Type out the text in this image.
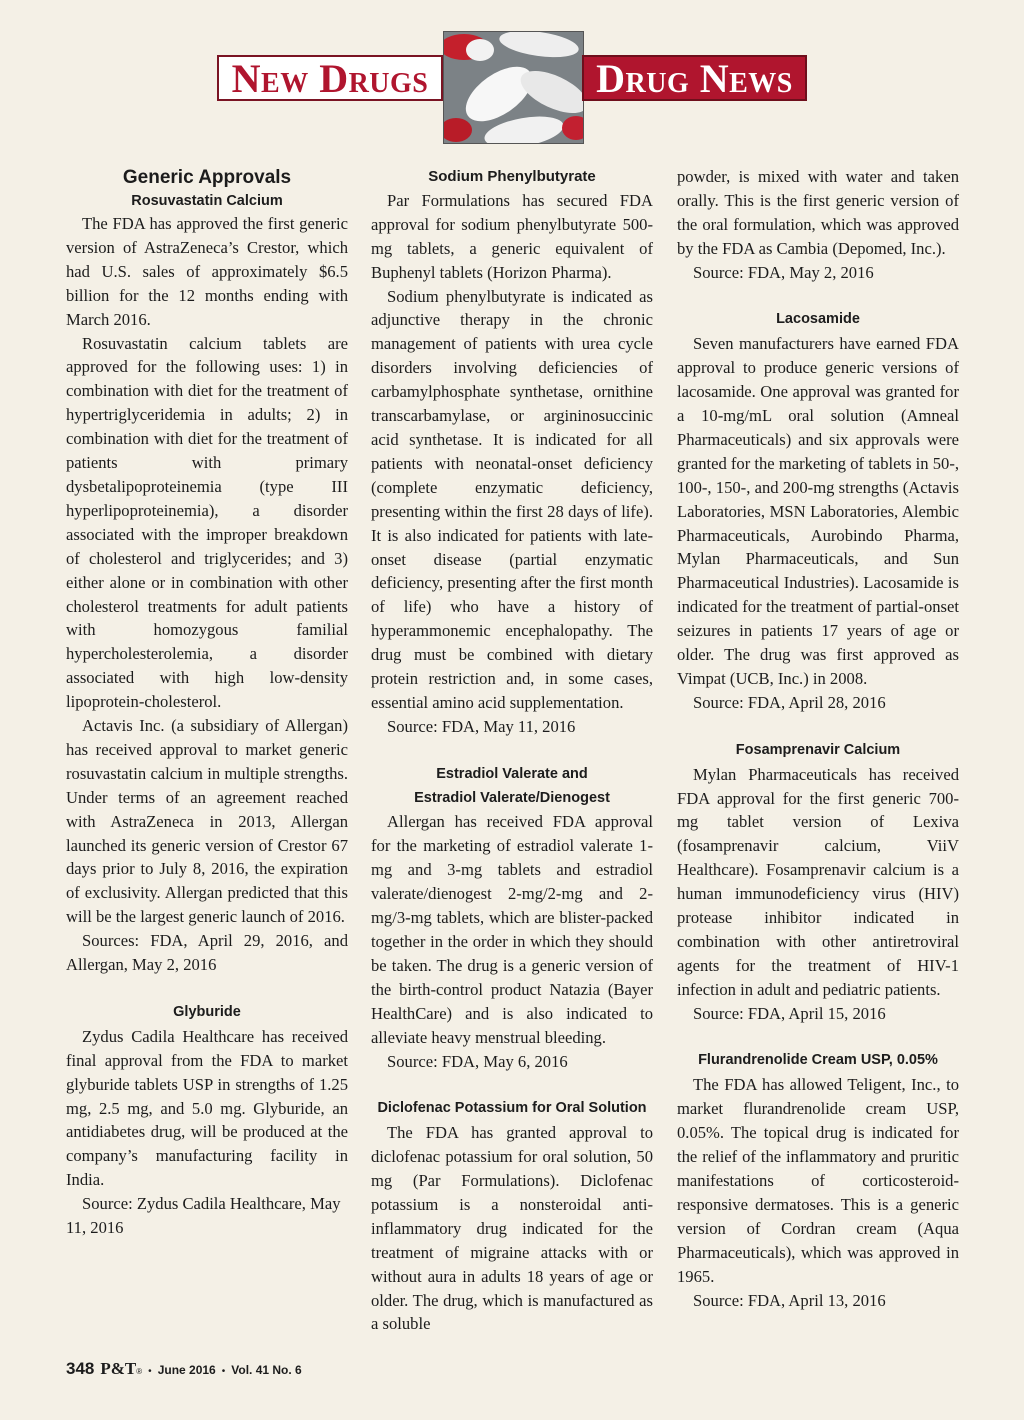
New Drugs	Drug News
Generic Approvals
Rosuvastatin Calcium

The FDA has approved the first generic version of AstraZeneca’s Crestor, which had U.S. sales of approximately $6.5 billion for the 12 months ending with March 2016.

Rosuvastatin calcium tablets are approved for the following uses: 1) in combination with diet for the treatment of hypertriglyceridemia in adults; 2) in combination with diet for the treatment of patients with primary dysbetalipoproteinemia (type III hyperlipoproteinemia), a disorder associated with the improper breakdown of cholesterol and triglycerides; and 3) either alone or in combination with other cholesterol treatments for adult patients with homozygous familial hypercholesterolemia, a disorder associated with high low-density lipoprotein-cholesterol.

Actavis Inc. (a subsidiary of Allergan) has received approval to market generic rosuvastatin calcium in multiple strengths. Under terms of an agreement reached with AstraZeneca in 2013, Allergan launched its generic version of Crestor 67 days prior to July 8, 2016, the expiration of exclusivity. Allergan predicted that this will be the largest generic launch of 2016.

Sources: FDA, April 29, 2016, and Allergan, May 2, 2016

Glyburide

Zydus Cadila Healthcare has received final approval from the FDA to market glyburide tablets USP in strengths of 1.25 mg, 2.5 mg, and 5.0 mg. Glyburide, an antidiabetes drug, will be produced at the company’s manufacturing facility in India.

Source: Zydus Cadila Healthcare, May 11, 2016

Sodium Phenylbutyrate

Par Formulations has secured FDA approval for sodium phenylbutyrate 500-mg tablets, a generic equivalent of Buphenyl tablets (Horizon Pharma).

Sodium phenylbutyrate is indicated as adjunctive therapy in the chronic management of patients with urea cycle disorders involving deficiencies of carbamylphosphate synthetase, ornithine transcarbamylase, or argininosuccinic acid synthetase. It is indicated for all patients with neonatal-onset deficiency (complete enzymatic deficiency, presenting within the first 28 days of life). It is also indicated for patients with late-onset disease (partial enzymatic deficiency, presenting after the first month of life) who have a history of hyperammonemic encephalopathy. The drug must be combined with dietary protein restriction and, in some cases, essential amino acid supplementation.

Source: FDA, May 11, 2016

Estradiol Valerate and
Estradiol Valerate/Dienogest

Allergan has received FDA approval for the marketing of estradiol valerate 1-mg and 3-mg tablets and estradiol valerate/dienogest 2-mg/2-mg and 2-mg/3-mg tablets, which are blister-packed together in the order in which they should be taken. The drug is a generic version of the birth-control product Natazia (Bayer HealthCare) and is also indicated to alleviate heavy menstrual bleeding.

Source: FDA, May 6, 2016

Diclofenac Potassium for Oral Solution

The FDA has granted approval to diclofenac potassium for oral solution, 50 mg (Par Formulations). Diclofenac potassium is a nonsteroidal anti-inflammatory drug indicated for the treatment of migraine attacks with or without aura in adults 18 years of age or older. The drug, which is manufactured as a soluble

powder, is mixed with water and taken orally. This is the first generic version of the oral formulation, which was approved by the FDA as Cambia (Depomed, Inc.).

Source: FDA, May 2, 2016

Lacosamide

Seven manufacturers have earned FDA approval to produce generic versions of lacosamide. One approval was granted for a 10-mg/mL oral solution (Amneal Pharmaceuticals) and six approvals were granted for the marketing of tablets in 50-, 100-, 150-, and 200-mg strengths (Actavis Laboratories, MSN Laboratories, Alembic Pharmaceuticals, Aurobindo Pharma, Mylan Pharmaceuticals, and Sun Pharmaceutical Industries). Lacosamide is indicated for the treatment of partial-onset seizures in patients 17 years of age or older. The drug was first approved as Vimpat (UCB, Inc.) in 2008.

Source: FDA, April 28, 2016

Fosamprenavir Calcium

Mylan Pharmaceuticals has received FDA approval for the first generic 700-mg tablet version of Lexiva (fosamprenavir calcium, ViiV Healthcare). Fosamprenavir calcium is a human immunodeficiency virus (HIV) protease inhibitor indicated in combination with other antiretroviral agents for the treatment of HIV-1 infection in adult and pediatric patients.

Source: FDA, April 15, 2016

Flurandrenolide Cream USP, 0.05%

The FDA has allowed Teligent, Inc., to market flurandrenolide cream USP, 0.05%. The topical drug is indicated for the relief of the inflammatory and pruritic manifestations of corticosteroid-responsive dermatoses. This is a generic version of Cordran cream (Aqua Pharmaceuticals), which was approved in 1965.

Source: FDA, April 13, 2016

348 P&T ® • June 2016 • Vol. 41 No. 6
